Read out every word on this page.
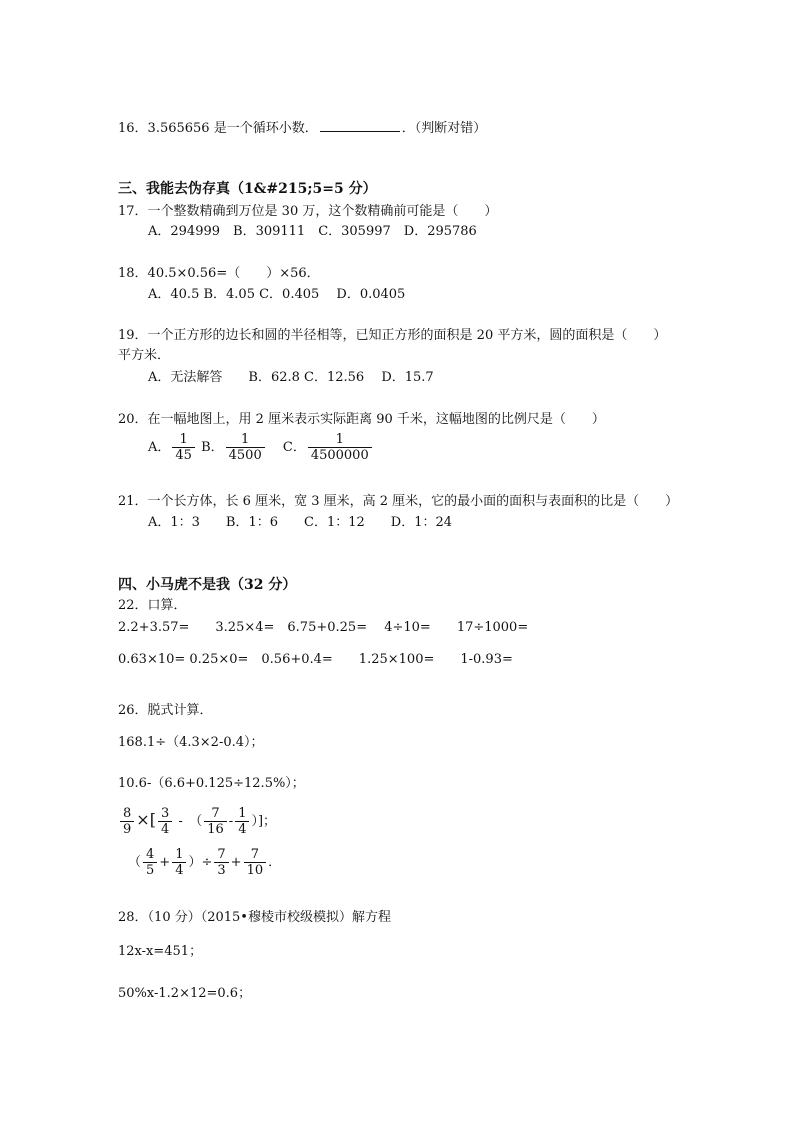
16．3.565656 是一个循环小数．	．（判断对错）
三、我能去伪存真（1&#215;5=5 分）
17．一个整数精确到万位是 30 万，这个数精确前可能是（　　）
A．294999　B．309111　C．305997　D．295786
18．40.5×0.56=（　　）×56．
A．40.5 B．4.05 C．0.405　 D．0.0405
19．一个正方形的边长和圆的半径相等，已知正方形的面积是 20 平方米，圆的面积是（　　）
平方米．
A．无法解答　　B．62.8 C．12.56　 D．15.7
20．在一幅地图上，用 2 厘米表示实际距离 90 千米，这幅地图的比例尺是（　　）
A． $\frac{1}{45}$ B． $\frac{1}{4500}$ C． $\frac{1}{4500000}$
21．一个长方体，长 6 厘米，宽 3 厘米，高 2 厘米，它的最小面的面积与表面积的比是（　　）
A．1：3　　B．1：6　　C．1：12　　D．1：24
四、小马虎不是我（32 分）
22．口算．
2.2+3.57=　　3.25×4=　6.75+0.25=　 4÷10=　　17÷1000=
0.63×10= 0.25×0=　0.56+0.4=　　1.25×100=　　1-0.93=
26．脱式计算．
168.1÷（4.3×2-0.4）；
10.6-（6.6+0.125÷12.5%）；
$\frac{8}{9}$ ×[ $\frac{3}{4}$ -　（ $\frac{7}{16} - \frac{1}{4}$ ）]；
（ $\frac{4}{5} + \frac{1}{4}$ ）÷ $\frac{7}{3} + \frac{7}{10}$ ．
28．（10 分）（2015•穆棱市校级模拟）解方程
12x-x=451；
50%x-1.2×12=0.6；
